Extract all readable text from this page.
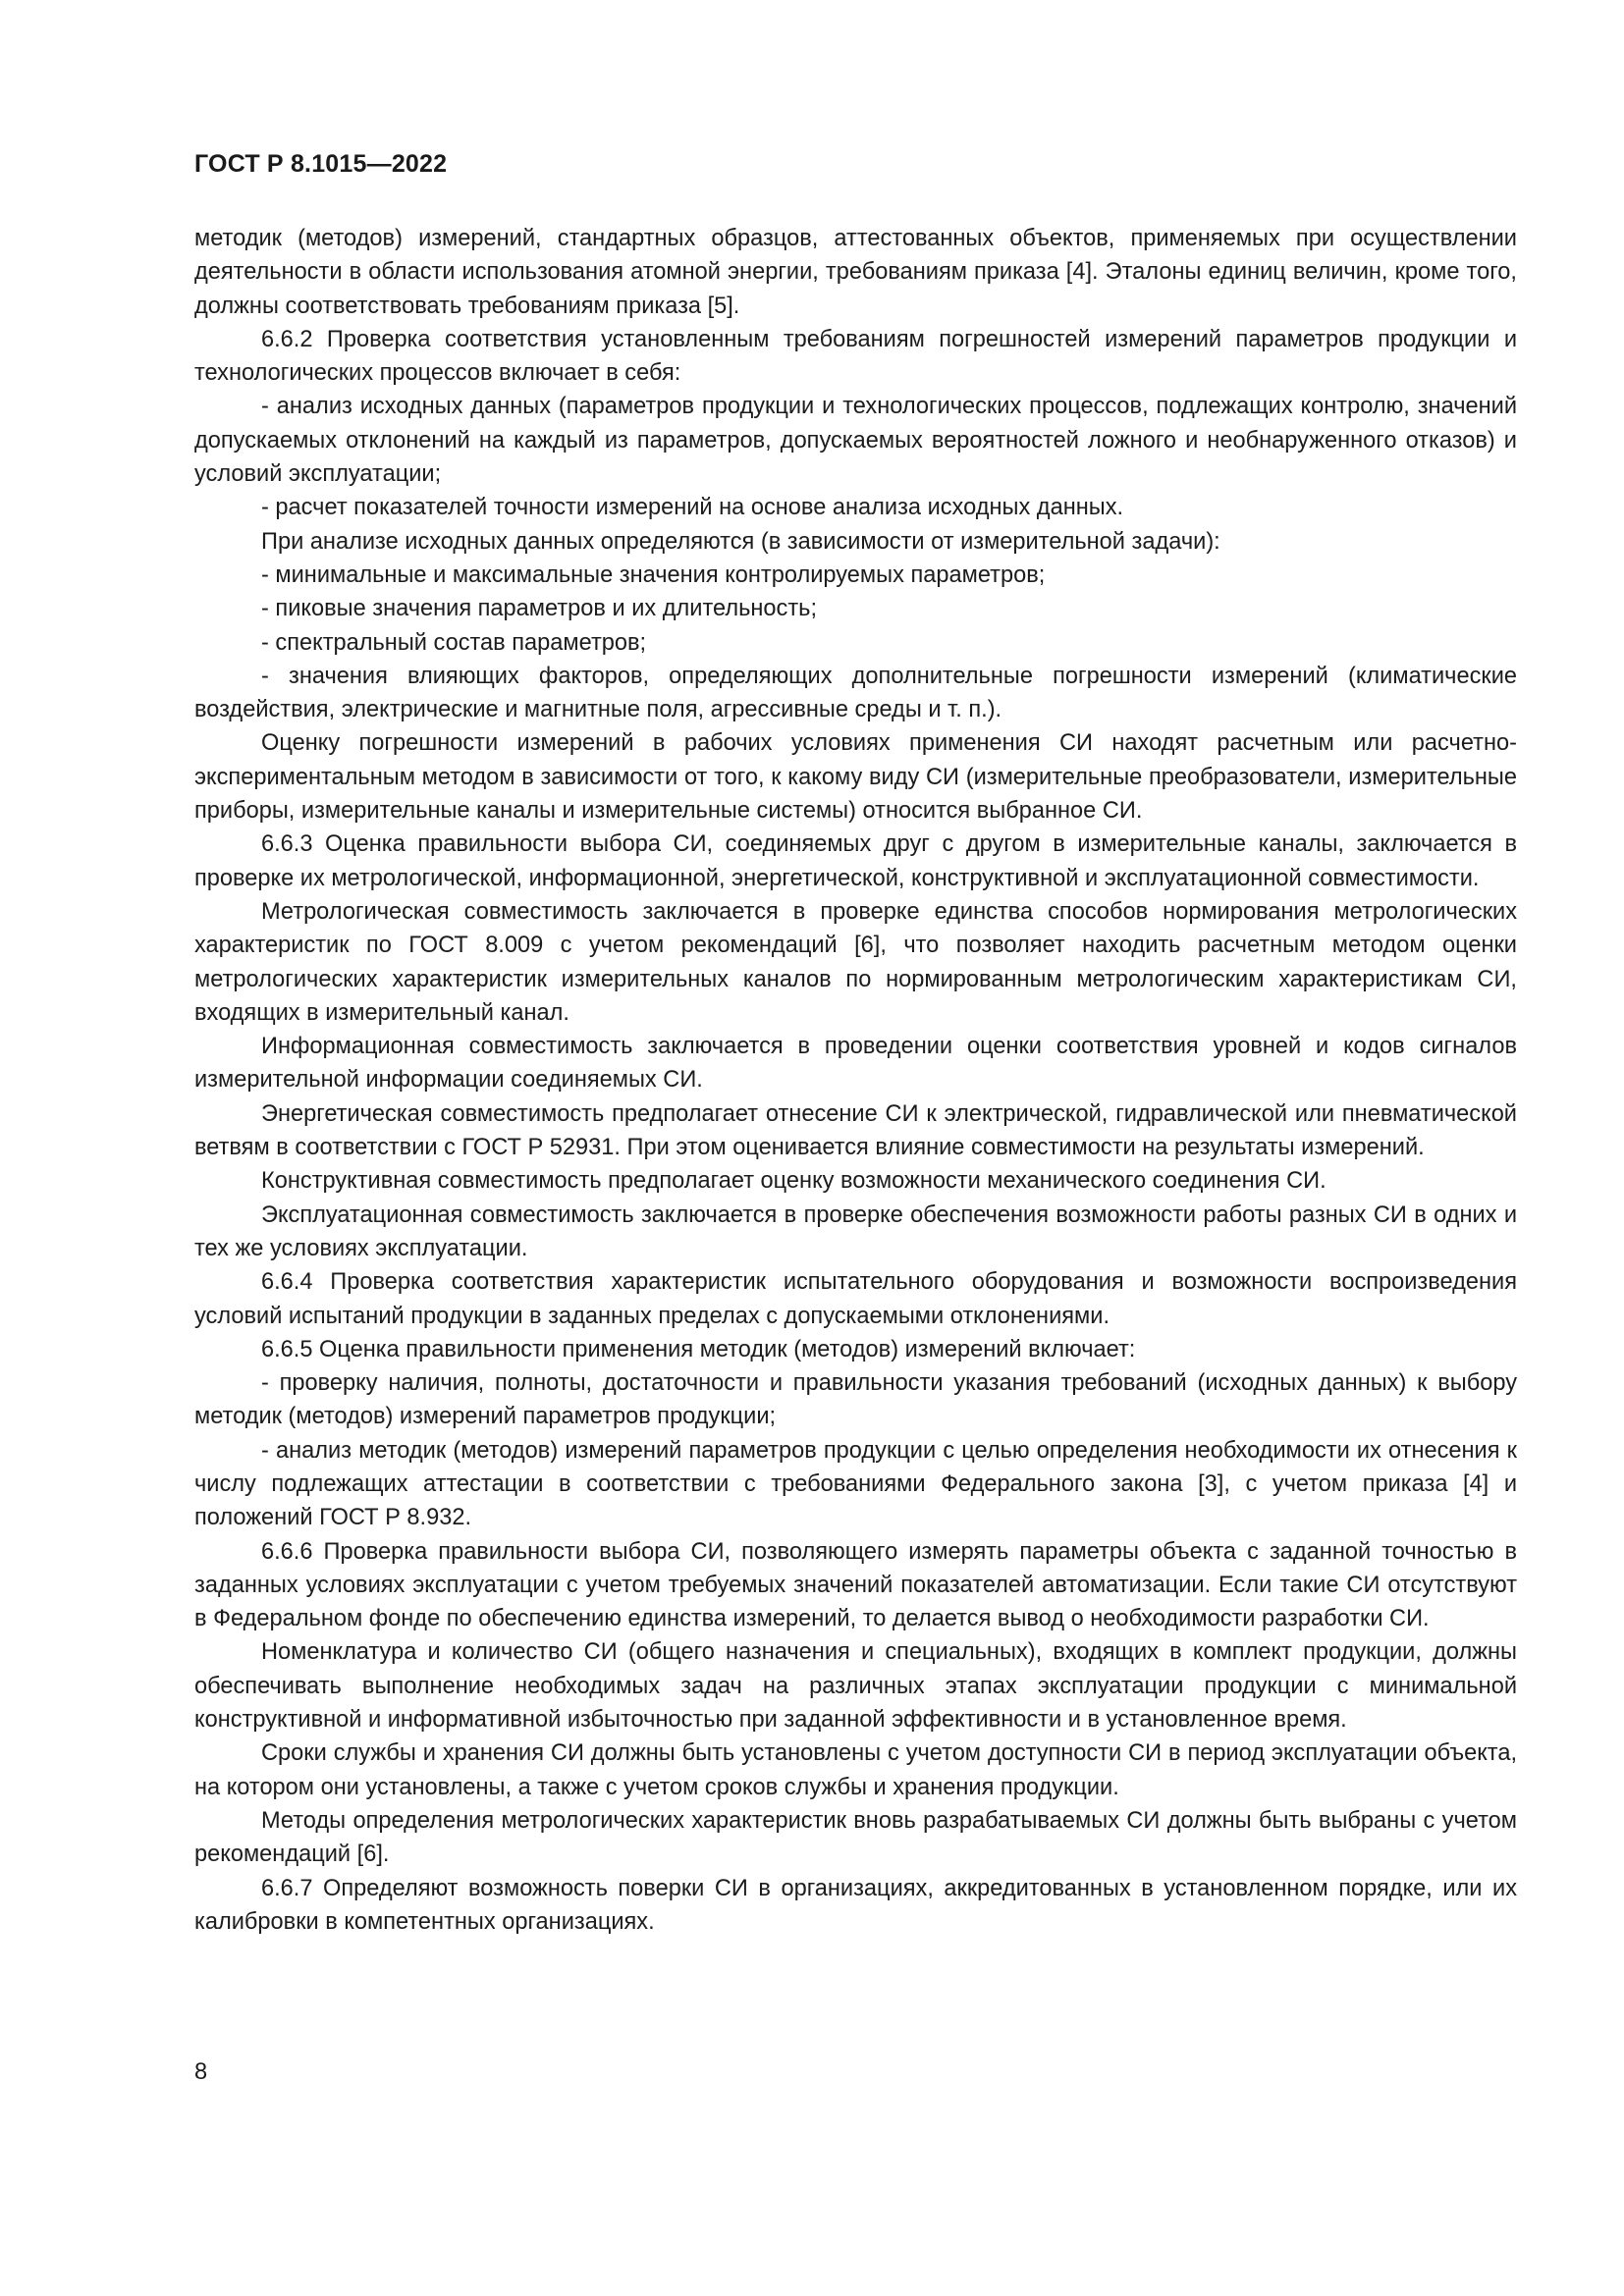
ГОСТ Р 8.1015—2022

методик (методов) измерений, стандартных образцов, аттестованных объектов, применяемых при осуществлении деятельности в области использования атомной энергии, требованиям приказа [4]. Эталоны единиц величин, кроме того, должны соответствовать требованиям приказа [5].

6.6.2 Проверка соответствия установленным требованиям погрешностей измерений параметров продукции и технологических процессов включает в себя:

- анализ исходных данных (параметров продукции и технологических процессов, подлежащих контролю, значений допускаемых отклонений на каждый из параметров, допускаемых вероятностей ложного и необнаруженного отказов) и условий эксплуатации;

- расчет показателей точности измерений на основе анализа исходных данных.

При анализе исходных данных определяются (в зависимости от измерительной задачи):

- минимальные и максимальные значения контролируемых параметров;

- пиковые значения параметров и их длительность;

- спектральный состав параметров;

- значения влияющих факторов, определяющих дополнительные погрешности измерений (климатические воздействия, электрические и магнитные поля, агрессивные среды и т. п.).

Оценку погрешности измерений в рабочих условиях применения СИ находят расчетным или расчетно-экспериментальным методом в зависимости от того, к какому виду СИ (измерительные преобразователи, измерительные приборы, измерительные каналы и измерительные системы) относится выбранное СИ.

6.6.3 Оценка правильности выбора СИ, соединяемых друг с другом в измерительные каналы, заключается в проверке их метрологической, информационной, энергетической, конструктивной и эксплуатационной совместимости.

Метрологическая совместимость заключается в проверке единства способов нормирования метрологических характеристик по ГОСТ 8.009 с учетом рекомендаций [6], что позволяет находить расчетным методом оценки метрологических характеристик измерительных каналов по нормированным метрологическим характеристикам СИ, входящих в измерительный канал.

Информационная совместимость заключается в проведении оценки соответствия уровней и кодов сигналов измерительной информации соединяемых СИ.

Энергетическая совместимость предполагает отнесение СИ к электрической, гидравлической или пневматической ветвям в соответствии с ГОСТ Р 52931. При этом оценивается влияние совместимости на результаты измерений.

Конструктивная совместимость предполагает оценку возможности механического соединения СИ.

Эксплуатационная совместимость заключается в проверке обеспечения возможности работы разных СИ в одних и тех же условиях эксплуатации.

6.6.4 Проверка соответствия характеристик испытательного оборудования и возможности воспроизведения условий испытаний продукции в заданных пределах с допускаемыми отклонениями.

6.6.5 Оценка правильности применения методик (методов) измерений включает:

- проверку наличия, полноты, достаточности и правильности указания требований (исходных данных) к выбору методик (методов) измерений параметров продукции;

- анализ методик (методов) измерений параметров продукции с целью определения необходимости их отнесения к числу подлежащих аттестации в соответствии с требованиями Федерального закона [3], с учетом приказа [4] и положений ГОСТ Р 8.932.

6.6.6 Проверка правильности выбора СИ, позволяющего измерять параметры объекта с заданной точностью в заданных условиях эксплуатации с учетом требуемых значений показателей автоматизации. Если такие СИ отсутствуют в Федеральном фонде по обеспечению единства измерений, то делается вывод о необходимости разработки СИ.

Номенклатура и количество СИ (общего назначения и специальных), входящих в комплект продукции, должны обеспечивать выполнение необходимых задач на различных этапах эксплуатации продукции с минимальной конструктивной и информативной избыточностью при заданной эффективности и в установленное время.

Сроки службы и хранения СИ должны быть установлены с учетом доступности СИ в период эксплуатации объекта, на котором они установлены, а также с учетом сроков службы и хранения продукции.

Методы определения метрологических характеристик вновь разрабатываемых СИ должны быть выбраны с учетом рекомендаций [6].

6.6.7 Определяют возможность поверки СИ в организациях, аккредитованных в установленном порядке, или их калибровки в компетентных организациях.

8
